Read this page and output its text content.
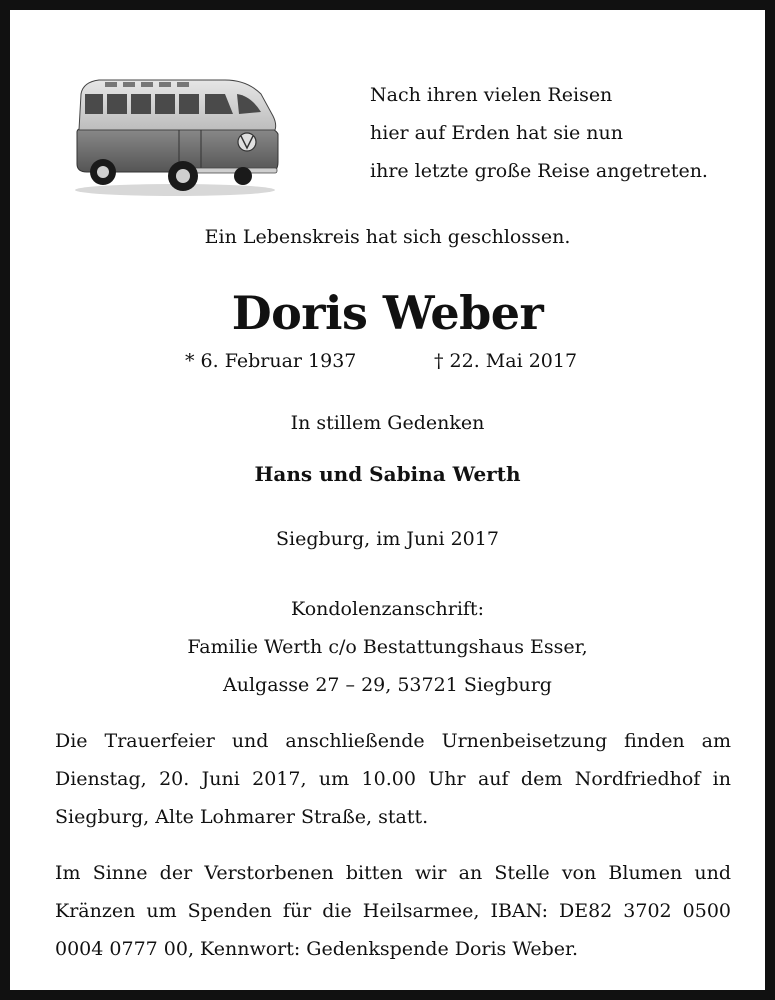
Nach ihren vielen Reisen
hier auf Erden hat sie nun
ihre letzte große Reise angetreten.
Ein Lebenskreis hat sich geschlossen.
Doris Weber
* 6. Februar 1937	† 22. Mai 2017
In stillem Gedenken
Hans und Sabina Werth
Siegburg, im Juni 2017
Kondolenzanschrift:
Familie Werth c/o Bestattungshaus Esser,
Aulgasse 27 – 29, 53721 Siegburg
Die Trauerfeier und anschließende Urnenbeisetzung finden am Dienstag, 20. Juni 2017, um 10.00 Uhr auf dem Nordfriedhof in Siegburg, Alte Lohmarer Straße, statt.
Im Sinne der Verstorbenen bitten wir an Stelle von Blumen und Kränzen um Spenden für die Heilsarmee, IBAN: DE82 3702 0500 0004 0777 00, Kennwort: Gedenkspende Doris Weber.
